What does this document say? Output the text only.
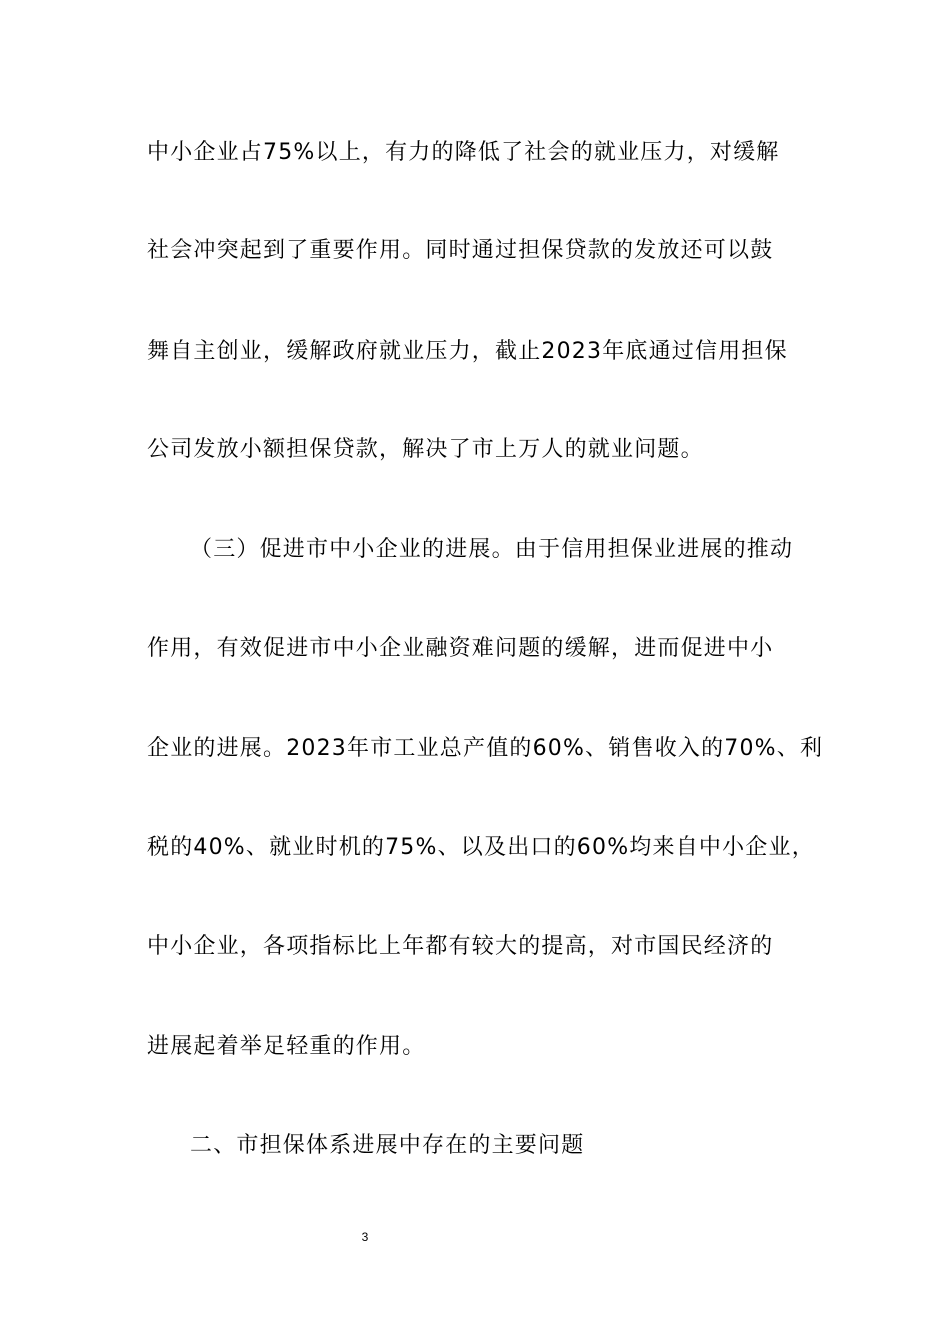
中小企业占75%以上，有力的降低了社会的就业压力，对缓解
社会冲突起到了重要作用。同时通过担保贷款的发放还可以鼓
舞自主创业，缓解政府就业压力，截止2023年底通过信用担保
公司发放小额担保贷款，解决了市上万人的就业问题。
（三）促进市中小企业的进展。由于信用担保业进展的推动
作用，有效促进市中小企业融资难问题的缓解，进而促进中小
企业的进展。2023年市工业总产值的60%、销售收入的70%、利
税的40%、就业时机的75%、以及出口的60%均来自中小企业，
中小企业，各项指标比上年都有较大的提高，对市国民经济的
进展起着举足轻重的作用。
二、市担保体系进展中存在的主要问题
3
